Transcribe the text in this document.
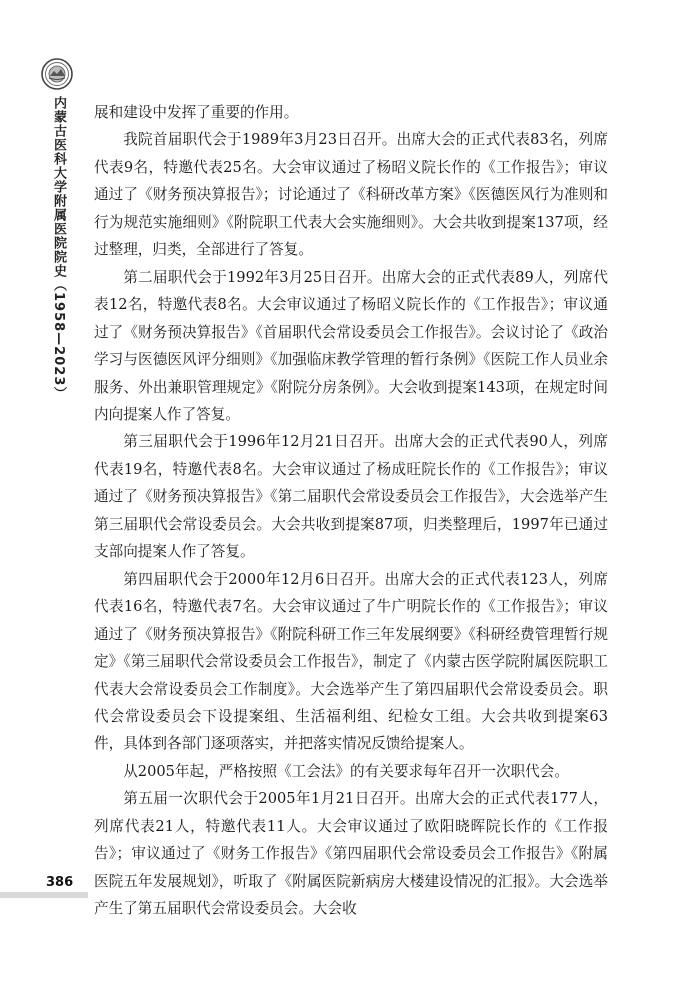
内蒙古医科大学附属医院院史（1958—2023）
386

展和建设中发挥了重要的作用。

我院首届职代会于1989年3月23日召开。出席大会的正式代表83名，列席代表9名，特邀代表25名。大会审议通过了杨昭义院长作的《工作报告》；审议通过了《财务预决算报告》；讨论通过了《科研改革方案》《医德医风行为准则和行为规范实施细则》《附院职工代表大会实施细则》。大会共收到提案137项，经过整理，归类，全部进行了答复。

第二届职代会于1992年3月25日召开。出席大会的正式代表89人，列席代表12名，特邀代表8名。大会审议通过了杨昭义院长作的《工作报告》；审议通过了《财务预决算报告》《首届职代会常设委员会工作报告》。会议讨论了《政治学习与医德医风评分细则》《加强临床教学管理的暂行条例》《医院工作人员业余服务、外出兼职管理规定》《附院分房条例》。大会收到提案143项，在规定时间内向提案人作了答复。

第三届职代会于1996年12月21日召开。出席大会的正式代表90人，列席代表19名，特邀代表8名。大会审议通过了杨成旺院长作的《工作报告》；审议通过了《财务预决算报告》《第二届职代会常设委员会工作报告》，大会选举产生第三届职代会常设委员会。大会共收到提案87项，归类整理后，1997年已通过支部向提案人作了答复。

第四届职代会于2000年12月6日召开。出席大会的正式代表123人，列席代表16名，特邀代表7名。大会审议通过了牛广明院长作的《工作报告》；审议通过了《财务预决算报告》《附院科研工作三年发展纲要》《科研经费管理暂行规定》《第三届职代会常设委员会工作报告》，制定了《内蒙古医学院附属医院职工代表大会常设委员会工作制度》。大会选举产生了第四届职代会常设委员会。职代会常设委员会下设提案组、生活福利组、纪检女工组。大会共收到提案63件，具体到各部门逐项落实，并把落实情况反馈给提案人。

从2005年起，严格按照《工会法》的有关要求每年召开一次职代会。

第五届一次职代会于2005年1月21日召开。出席大会的正式代表177人，列席代表21人，特邀代表11人。大会审议通过了欧阳晓晖院长作的《工作报告》；审议通过了《财务工作报告》《第四届职代会常设委员会工作报告》《附属医院五年发展规划》，听取了《附属医院新病房大楼建设情况的汇报》。大会选举产生了第五届职代会常设委员会。大会收
